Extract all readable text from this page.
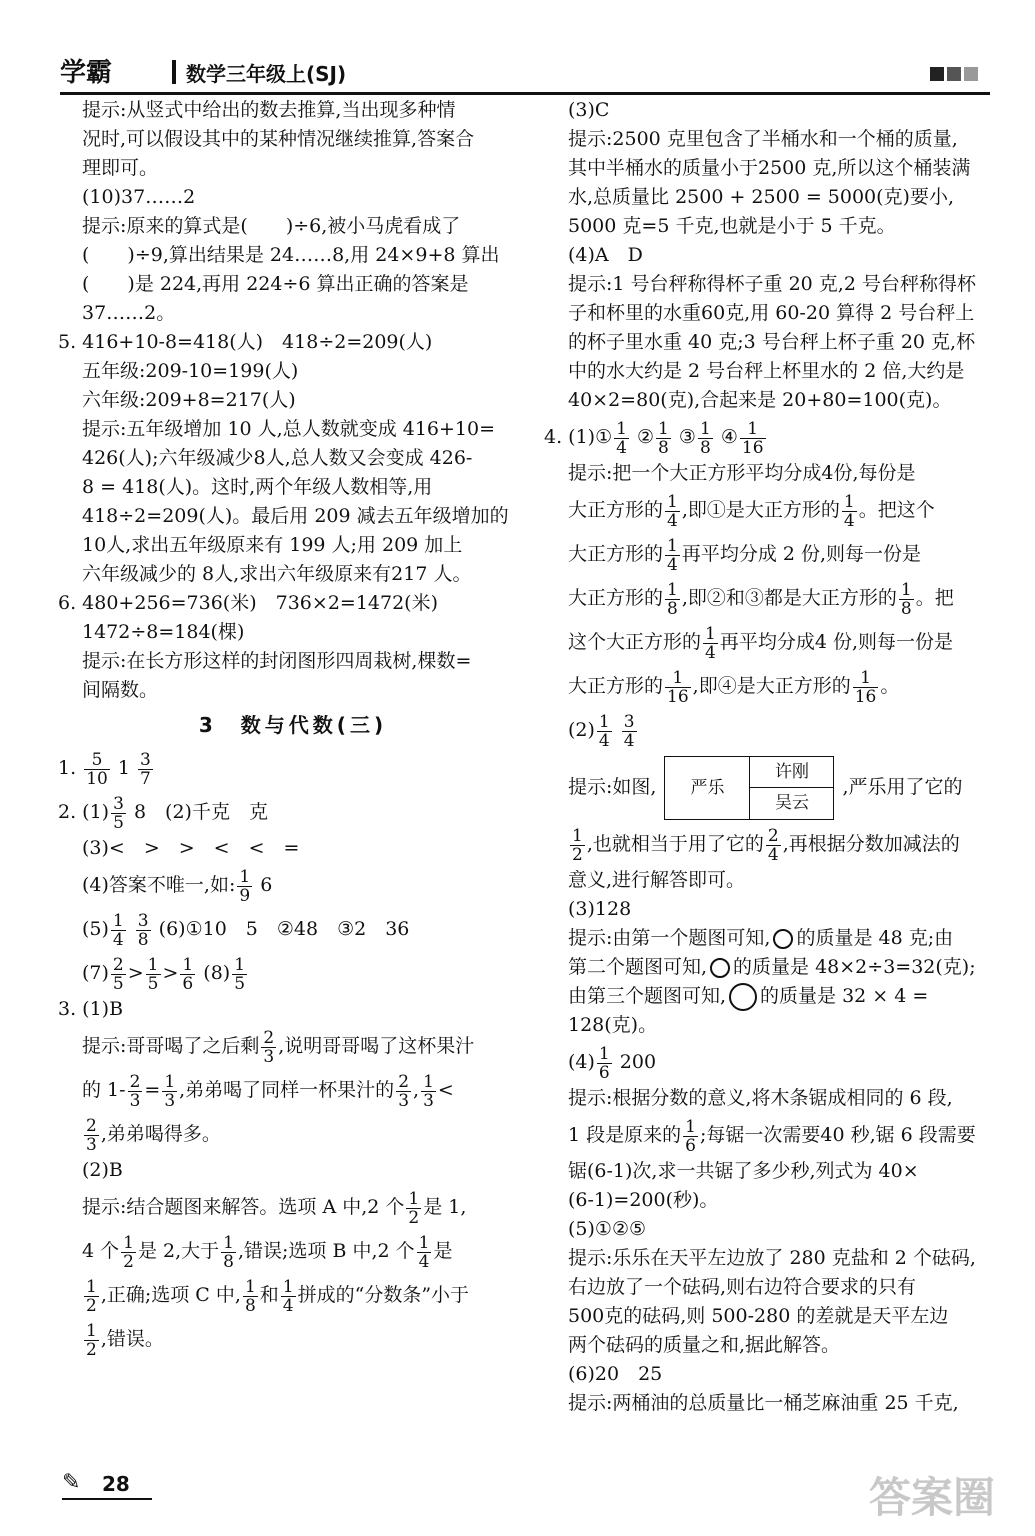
学霸	数学三年级上(SJ)
提示:从竖式中给出的数去推算,当出现多种情
况时,可以假设其中的某种情况继续推算,答案合
理即可。
(10)37……2
提示:原来的算式是(　　)÷6,被小马虎看成了
(　　)÷9,算出结果是 24……8,用 24×9+8 算出
(　　)是 224,再用 224÷6 算出正确的答案是
37……2。
5. 416+10-8=418(人)　418÷2=209(人)
五年级:209-10=199(人)
六年级:209+8=217(人)
提示:五年级增加 10 人,总人数就变成 416+10=
426(人);六年级减少8人,总人数又会变成 426-
8 = 418(人)。这时,两个年级人数相等,用
418÷2=209(人)。最后用 209 减去五年级增加的
10人,求出五年级原来有 199 人;用 209 加上
六年级减少的 8人,求出六年级原来有217 人。
6. 480+256=736(米)　736×2=1472(米)
1472÷8=184(棵)
提示:在长方形这样的封闭图形四周栽树,棵数=
间隔数。
3　数与代数(三)
1. $\frac{5}{10} 1 \frac{3}{7}$
2. $(1) \frac{3}{5} 8$　(2)千克　克
(3)<　>　>　<　<　=
(4)答案不唯一,如: $\frac{1}{9} 6$
$(5) \frac{1}{4}$
$\frac{3}{8}$ (6)①10　5　②48　③2　36
$(7) \frac{2}{5} > \frac{1}{5} > \frac{1}{6} (8) \frac{1}{5}$
3. (1)B
提示:哥哥喝了之后剩 $\frac{2}{3}$ ,说明哥哥喝了这杯果汁
的 $1- \frac{2}{3} = \frac{1}{3}$ ,弟弟喝了同样一杯果汁的 $\frac{2}{3}$ , $\frac{1}{3}$ <
$\frac{2}{3}$ ,弟弟喝得多。
(2)B
提示:结合题图来解答。选项 A 中,2 个 $\frac{1}{2}$ 是 1,
4 个 $\frac{1}{2}$ 是 2,大于 $\frac{1}{8}$ ,错误;选项 B 中,2 个 $\frac{1}{4}$ 是
$\frac{1}{2}$ ,正确;选项 C 中, $\frac{1}{8}$ 和 $\frac{1}{4}$ 拼成的“分数条”小于
$\frac{1}{2}$ ,错误。
(3)C
提示:2500 克里包含了半桶水和一个桶的质量,
其中半桶水的质量小于2500 克,所以这个桶装满
水,总质量比 2500 + 2500 = 5000(克)要小,
5000 克=5 千克,也就是小于 5 千克。
(4)A　D
提示:1 号台秤称得杯子重 20 克,2 号台秤称得杯
子和杯里的水重60克,用 60-20 算得 2 号台秤上
的杯子里水重 40 克;3 号台秤上杯子重 20 克,杯
中的水大约是 2 号台秤上杯里水的 2 倍,大约是
40×2=80(克),合起来是 20+80=100(克)。
4. (1)① $\frac{1}{4}$ ② $\frac{1}{8}$ ③ $\frac{1}{8}$ ④ $\frac{1}{16}$
提示:把一个大正方形平均分成4份,每份是
大正方形的 $\frac{1}{4}$ ,即①是大正方形的 $\frac{1}{4}$ 。把这个
大正方形的 $\frac{1}{4}$ 再平均分成 2 份,则每一份是
大正方形的 $\frac{1}{8}$ ,即②和③都是大正方形的 $\frac{1}{8}$ 。把
这个大正方形的 $\frac{1}{4}$ 再平均分成4 份,则每一份是
大正方形的 $\frac{1}{16}$ ,即④是大正方形的 $\frac{1}{16}$ 。
$(2) \frac{1}{4}$
$\frac{3}{4}$
提示:如图,	严乐
许刚
吴云
,严乐用了它的
$\frac{1}{2}$ ,也就相当于用了它的 $\frac{2}{4}$ ,再根据分数加减法的
意义,进行解答即可。
(3)128
提示:由第一个题图可知, 的质量是 48 克;由
第二个题图可知, 的质量是 48×2÷3=32(克);
由第三个题图可知, 的质量是 32 × 4 =
128(克)。
$(4) \frac{1}{6} 200$
提示:根据分数的意义,将木条锯成相同的 6 段,
1 段是原来的 $\frac{1}{6}$ ;每锯一次需要40 秒,锯 6 段需要
锯(6-1)次,求一共锯了多少秒,列式为 40×
(6-1)=200(秒)。
(5)①②⑤
提示:乐乐在天平左边放了 280 克盐和 2 个砝码,
右边放了一个砝码,则右边符合要求的只有
500克的砝码,则 500-280 的差就是天平左边
两个砝码的质量之和,据此解答。
(6)20　25
提示:两桶油的总质量比一桶芝麻油重 25 千克,
✎ 28	答案圈
